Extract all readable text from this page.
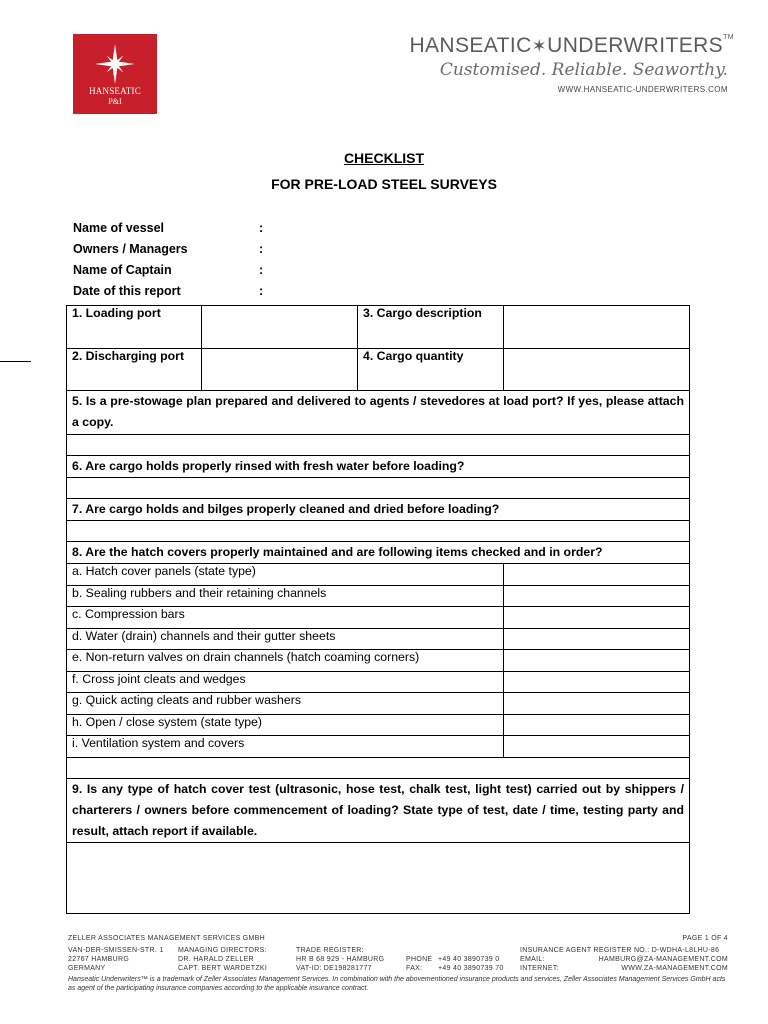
HANSEATIC
P&I
HANSEATIC✶UNDERWRITERS™
Customised. Reliable. Seaworthy.
WWW.HANSEATIC-UNDERWRITERS.COM
CHECKLIST
FOR PRE-LOAD STEEL SURVEYS
Name of vessel	:
Owners / Managers	:
Name of Captain	:
Date of this report	:
1. Loading port		3. Cargo description	
2. Discharging port		4. Cargo quantity	
5. Is a pre-stowage plan prepared and delivered to agents / stevedores at load port? If yes, please attach a copy.			

6. Are cargo holds properly rinsed with fresh water before loading?			

7. Are cargo holds and bilges properly cleaned and dried before loading?			

8. Are the hatch covers properly maintained and are following items checked and in order?			
a. Hatch cover panels (state type)			
b. Sealing rubbers and their retaining channels			
c. Compression bars			
d. Water (drain) channels and their gutter sheets			
e. Non-return valves on drain channels (hatch coaming corners)			
f. Cross joint cleats and wedges			
g. Quick acting cleats and rubber washers			
h. Open / close system (state type)			
i. Ventilation system and covers			

9. Is any type of hatch cover test (ultrasonic, hose test, chalk test, light test) carried out by shippers / charterers / owners before commencement of loading? State type of test, date / time, testing party and result, attach report if available.			

ZELLER ASSOCIATES MANAGEMENT SERVICES GMBH	PAGE 1 OF 4
VAN-DER-SMISSEN-STR. 1
22767 HAMBURG
GERMANY
MANAGING DIRECTORS:
DR. HARALD ZELLER
CAPT. BERT WARDETZKI
TRADE REGISTER:
HR B 68 929 - HAMBURG
VAT-ID: DE198281777
PHONE
FAX:
+49 40 3890739 0
+49 40 3890739 70
INSURANCE AGENT REGISTER NO.: D-WDHA-L8LHU-86
EMAIL:
INTERNET:
HAMBURG@ZA-MANAGEMENT.COM
WWW.ZA-MANAGEMENT.COM
Hanseatic Underwriters™ is a trademark of Zeller Associates Management Services. In combination with the abovementioned insurance products and services, Zeller Associates Management Services GmbH acts as agent of the participating insurance companies according to the applicable insurance contract.
